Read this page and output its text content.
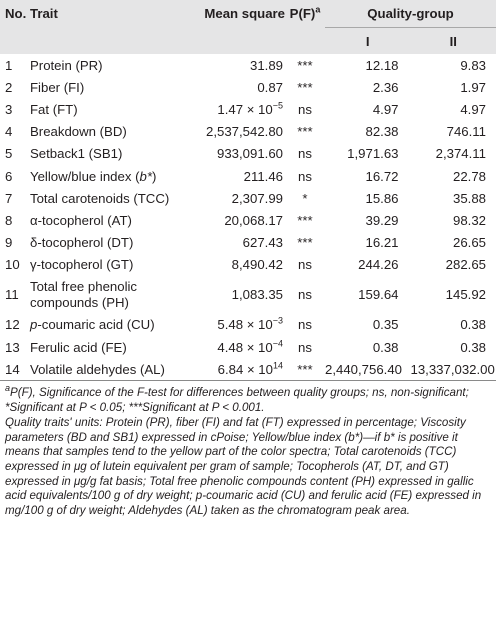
No.	Trait	Mean square	$P(F)^a$	Quality-group	
				I	II
1	Protein (PR)	31.89	***	12.18	9.83
2	Fiber (FI)	0.87	***	2.36	1.97
3	Fat (FT)	$1.47 \times 10^{-5}$	ns	4.97	4.97
4	Breakdown (BD)	2,537,542.80	***	82.38	746.11
5	Setback1 (SB1)	933,091.60	ns	1,971.63	2,374.11
6	Yellow/blue index (b*)	211.46	ns	16.72	22.78
7	Total carotenoids (TCC)	2,307.99	*	15.86	35.88
8	α-tocopherol (AT)	20,068.17	***	39.29	98.32
9	δ-tocopherol (DT)	627.43	***	16.21	26.65
10	γ-tocopherol (GT)	8,490.42	ns	244.26	282.65
11	Total free phenolic compounds (PH)	1,083.35	ns	159.64	145.92
12	p-coumaric acid (CU)	$5.48 \times 10^{-3}$	ns	0.35	0.38
13	Ferulic acid (FE)	$4.48 \times 10^{-4}$	ns	0.38	0.38
14	Volatile aldehydes (AL)	$6.84 \times 10^{14}$	***	2,440,756.40	13,337,032.00

$^a$P(F), Significance of the F-test for differences between quality groups; ns, non-significant; *Significant at P < 0.05; ***Significant at P < 0.001.

Quality traits' units: Protein (PR), fiber (FI) and fat (FT) expressed in percentage; Viscosity parameters (BD and SB1) expressed in cPoise; Yellow/blue index (b*)—if b* is positive it means that samples tend to the yellow part of the color spectra; Total carotenoids (TCC) expressed in μg of lutein equivalent per gram of sample; Tocopherols (AT, DT, and GT) expressed in μg/g fat basis; Total free phenolic compounds content (PH) expressed in gallic acid equivalents/100 g of dry weight; p-coumaric acid (CU) and ferulic acid (FE) expressed in mg/100 g of dry weight; Aldehydes (AL) taken as the chromatogram peak area.
